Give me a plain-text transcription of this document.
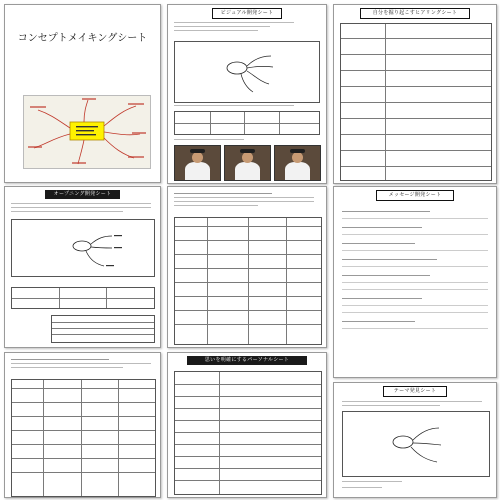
コンセプトメイキングシート
ビジュアル開発シート	自分を掘り起こすヒアリングシート
オープニング開発シート	メッセージ開発シート
思いを明確にするパーソナルシート
テーマ発見シート
